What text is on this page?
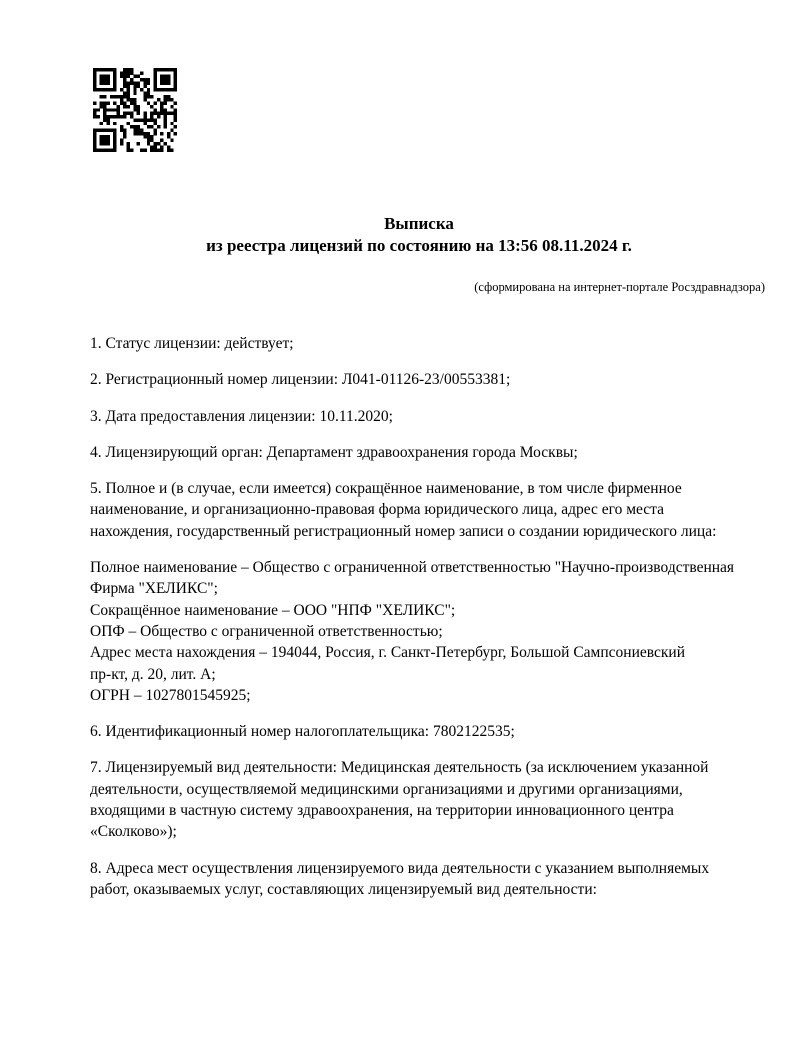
Выписка
из реестра лицензий по состоянию на 13:56 08.11.2024 г.
(сформирована на интернет-портале Росздравнадзора)
1. Статус лицензии: действует;
2. Регистрационный номер лицензии: Л041-01126-23/00553381;
3. Дата предоставления лицензии: 10.11.2020;
4. Лицензирующий орган: Департамент здравоохранения города Москвы;
5. Полное и (в случае, если имеется) сокращённое наименование, в том числе фирменное
наименование, и организационно-правовая форма юридического лица, адрес его места
нахождения, государственный регистрационный номер записи о создании юридического лица:
Полное наименование – Общество с ограниченной ответственностью "Научно-производственная
Фирма "ХЕЛИКС";
Сокращённое наименование – ООО "НПФ "ХЕЛИКС";
ОПФ – Общество с ограниченной ответственностью;
Адрес места нахождения – 194044, Россия, г. Санкт-Петербург, Большой Сампсониевский
пр-кт, д. 20, лит. А;
ОГРН – 1027801545925;
6. Идентификационный номер налогоплательщика: 7802122535;
7. Лицензируемый вид деятельности: Медицинская деятельность (за исключением указанной
деятельности, осуществляемой медицинскими организациями и другими организациями,
входящими в частную систему здравоохранения, на территории инновационного центра
«Сколково»);
8. Адреса мест осуществления лицензируемого вида деятельности с указанием выполняемых
работ, оказываемых услуг, составляющих лицензируемый вид деятельности:
